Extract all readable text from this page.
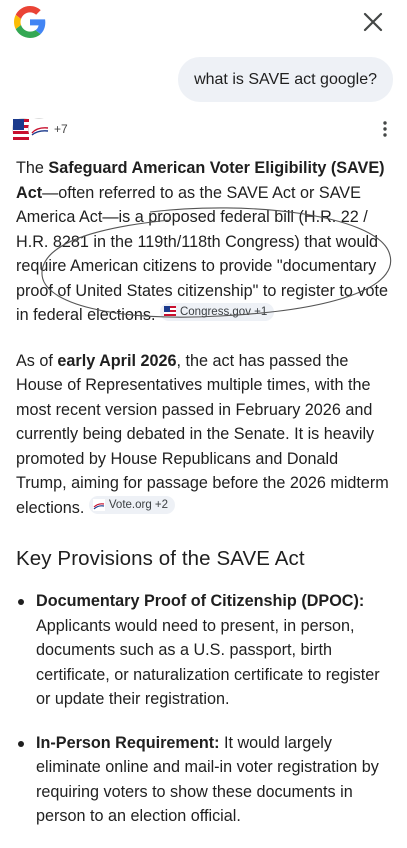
what is SAVE act google?
+7

The Safeguard American Voter Eligibility (SAVE) Act—often referred to as the SAVE Act or SAVE America Act—is a proposed federal bill (H.R. 22 / H.R. 8281 in the 119th/118th Congress) that would require American citizens to provide "documentary proof of United States citizenship" to register to vote in federal elections. Congress.gov +1

As of early April 2026, the act has passed the House of Representatives multiple times, with the most recent version passed in February 2026 and currently being debated in the Senate. It is heavily promoted by House Republicans and Donald Trump, aiming for passage before the 2026 midterm elections. Vote.org +2

Key Provisions of the SAVE Act
Documentary Proof of Citizenship (DPOC): Applicants would need to present, in person, documents such as a U.S. passport, birth certificate, or naturalization certificate to register or update their registration.
In-Person Requirement: It would largely eliminate online and mail-in voter registration by requiring voters to show these documents in person to an election official.
